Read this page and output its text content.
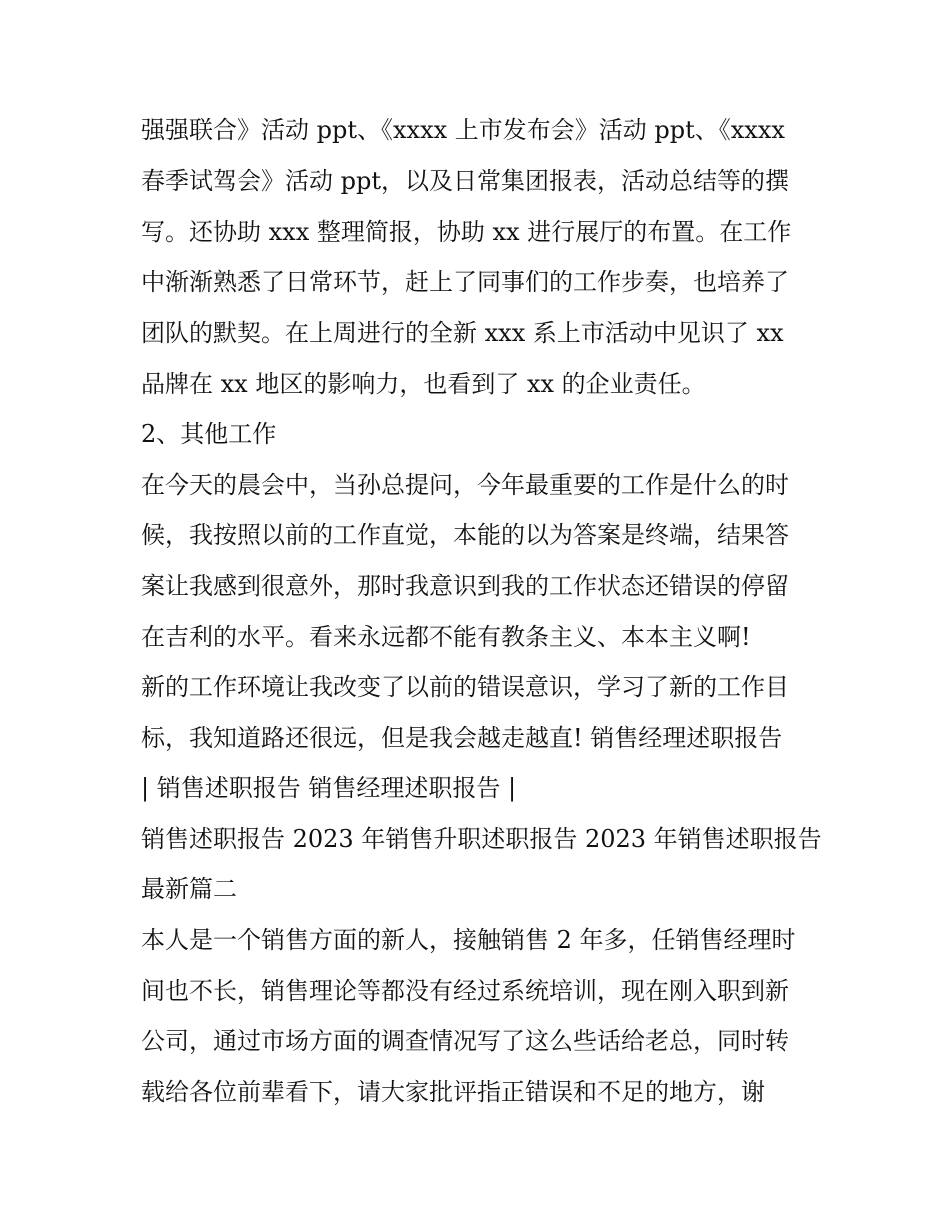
强强联合》活动 ppt、《xxxx 上市发布会》活动 ppt、《xxxx
春季试驾会》活动 ppt，以及日常集团报表，活动总结等的撰
写。还协助 xxx 整理简报，协助 xx 进行展厅的布置。在工作
中渐渐熟悉了日常环节，赶上了同事们的工作步奏，也培养了
团队的默契。在上周进行的全新 xxx 系上市活动中见识了 xx
品牌在 xx 地区的影响力，也看到了 xx 的企业责任。
2、其他工作
在今天的晨会中，当孙总提问，今年最重要的工作是什么的时
候，我按照以前的工作直觉，本能的以为答案是终端，结果答
案让我感到很意外，那时我意识到我的工作状态还错误的停留
在吉利的水平。看来永远都不能有教条主义、本本主义啊!
新的工作环境让我改变了以前的错误意识，学习了新的工作目
标，我知道路还很远，但是我会越走越直! 销售经理述职报告
| 销售述职报告 销售经理述职报告 |
销售述职报告 2023 年销售升职述职报告 2023 年销售述职报告
最新篇二
本人是一个销售方面的新人，接触销售 2 年多，任销售经理时
间也不长，销售理论等都没有经过系统培训，现在刚入职到新
公司，通过市场方面的调查情况写了这么些话给老总，同时转
载给各位前辈看下，请大家批评指正错误和不足的地方，谢
